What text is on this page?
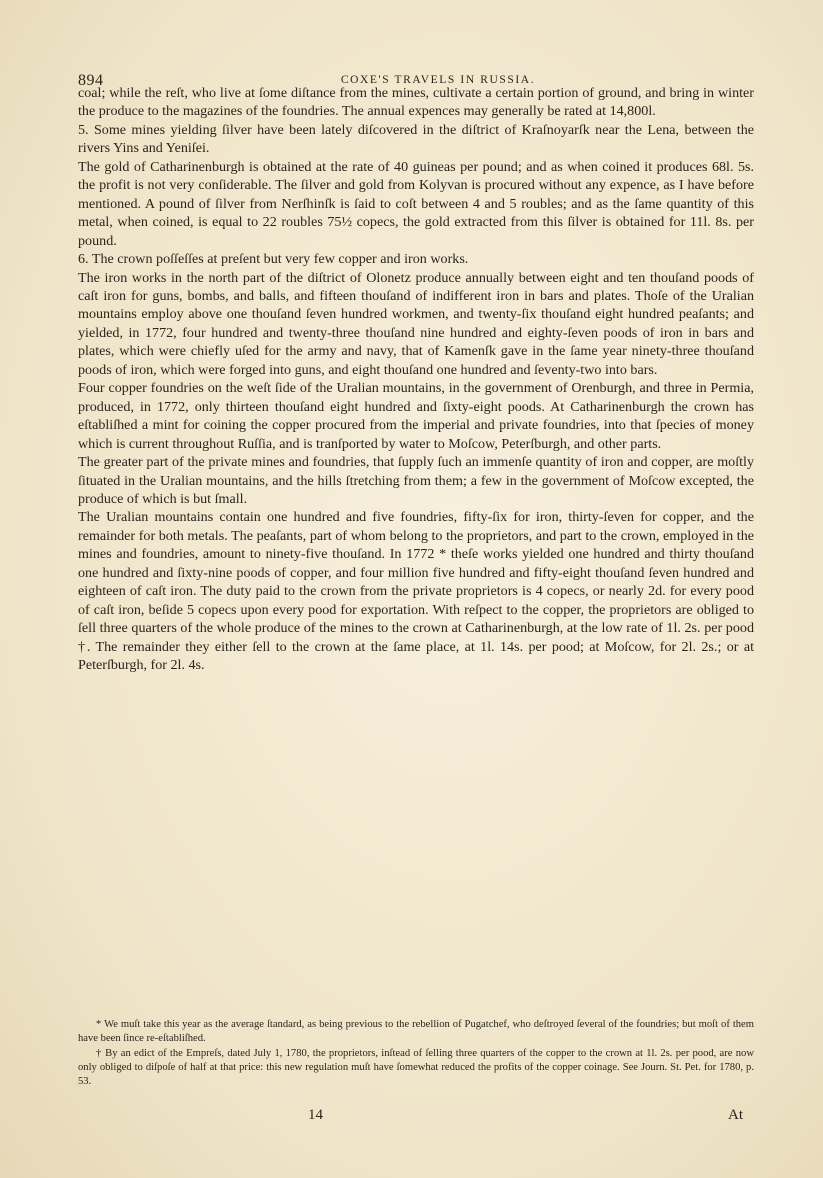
894	COXE'S TRAVELS IN RUSSIA.

coal; while the reſt, who live at ſome diſtance from the mines, cultivate a certain portion of ground, and bring in winter the produce to the magazines of the foundries. The annual expences may generally be rated at 14,800l.

5. Some mines yielding ſilver have been lately diſcovered in the diſtrict of Kraſnoyarſk near the Lena, between the rivers Yins and Yeniſei.

The gold of Catharinenburgh is obtained at the rate of 40 guineas per pound; and as when coined it produces 68l. 5s. the profit is not very conſiderable. The ſilver and gold from Kolyvan is procured without any expence, as I have before mentioned. A pound of ſilver from Nerſhinſk is ſaid to coſt between 4 and 5 roubles; and as the ſame quantity of this metal, when coined, is equal to 22 roubles 75½ copecs, the gold extracted from this ſilver is obtained for 11l. 8s. per pound.

6. The crown poſſeſſes at preſent but very few copper and iron works.

The iron works in the north part of the diſtrict of Olonetz produce annually between eight and ten thouſand poods of caſt iron for guns, bombs, and balls, and fifteen thouſand of indifferent iron in bars and plates. Thoſe of the Uralian mountains employ above one thouſand ſeven hundred workmen, and twenty-ſix thouſand eight hundred peaſants; and yielded, in 1772, four hundred and twenty-three thouſand nine hundred and eighty-ſeven poods of iron in bars and plates, which were chiefly uſed for the army and navy, that of Kamenſk gave in the ſame year ninety-three thouſand poods of iron, which were forged into guns, and eight thouſand one hundred and ſeventy-two into bars.

Four copper foundries on the weſt ſide of the Uralian mountains, in the government of Orenburgh, and three in Permia, produced, in 1772, only thirteen thouſand eight hundred and ſixty-eight poods. At Catharinenburgh the crown has eſtabliſhed a mint for coining the copper procured from the imperial and private foundries, into that ſpecies of money which is current throughout Ruſſia, and is tranſported by water to Moſcow, Peterſburgh, and other parts.

The greater part of the private mines and foundries, that ſupply ſuch an immenſe quantity of iron and copper, are moſtly ſituated in the Uralian mountains, and the hills ſtretching from them; a few in the government of Moſcow excepted, the produce of which is but ſmall.

The Uralian mountains contain one hundred and five foundries, fifty-ſix for iron, thirty-ſeven for copper, and the remainder for both metals. The peaſants, part of whom belong to the proprietors, and part to the crown, employed in the mines and foundries, amount to ninety-five thouſand. In 1772 * theſe works yielded one hundred and thirty thouſand one hundred and ſixty-nine poods of copper, and four million five hundred and fifty-eight thouſand ſeven hundred and eighteen of caſt iron. The duty paid to the crown from the private proprietors is 4 copecs, or nearly 2d. for every pood of caſt iron, beſide 5 copecs upon every pood for exportation. With reſpect to the copper, the proprietors are obliged to ſell three quarters of the whole produce of the mines to the crown at Catharinenburgh, at the low rate of 1l. 2s. per pood †. The remainder they either ſell to the crown at the ſame place, at 1l. 14s. per pood; at Moſcow, for 2l. 2s.; or at Peterſburgh, for 2l. 4s.

* We muſt take this year as the average ſtandard, as being previous to the rebellion of Pugatchef, who deſtroyed ſeveral of the foundries; but moſt of them have been ſince re-eſtabliſhed.

† By an edict of the Empreſs, dated July 1, 1780, the proprietors, inſtead of ſelling three quarters of the copper to the crown at 1l. 2s. per pood, are now only obliged to diſpoſe of half at that price: this new regulation muſt have ſomewhat reduced the profits of the copper coinage. See Journ. St. Pet. for 1780, p. 53.

14	At
